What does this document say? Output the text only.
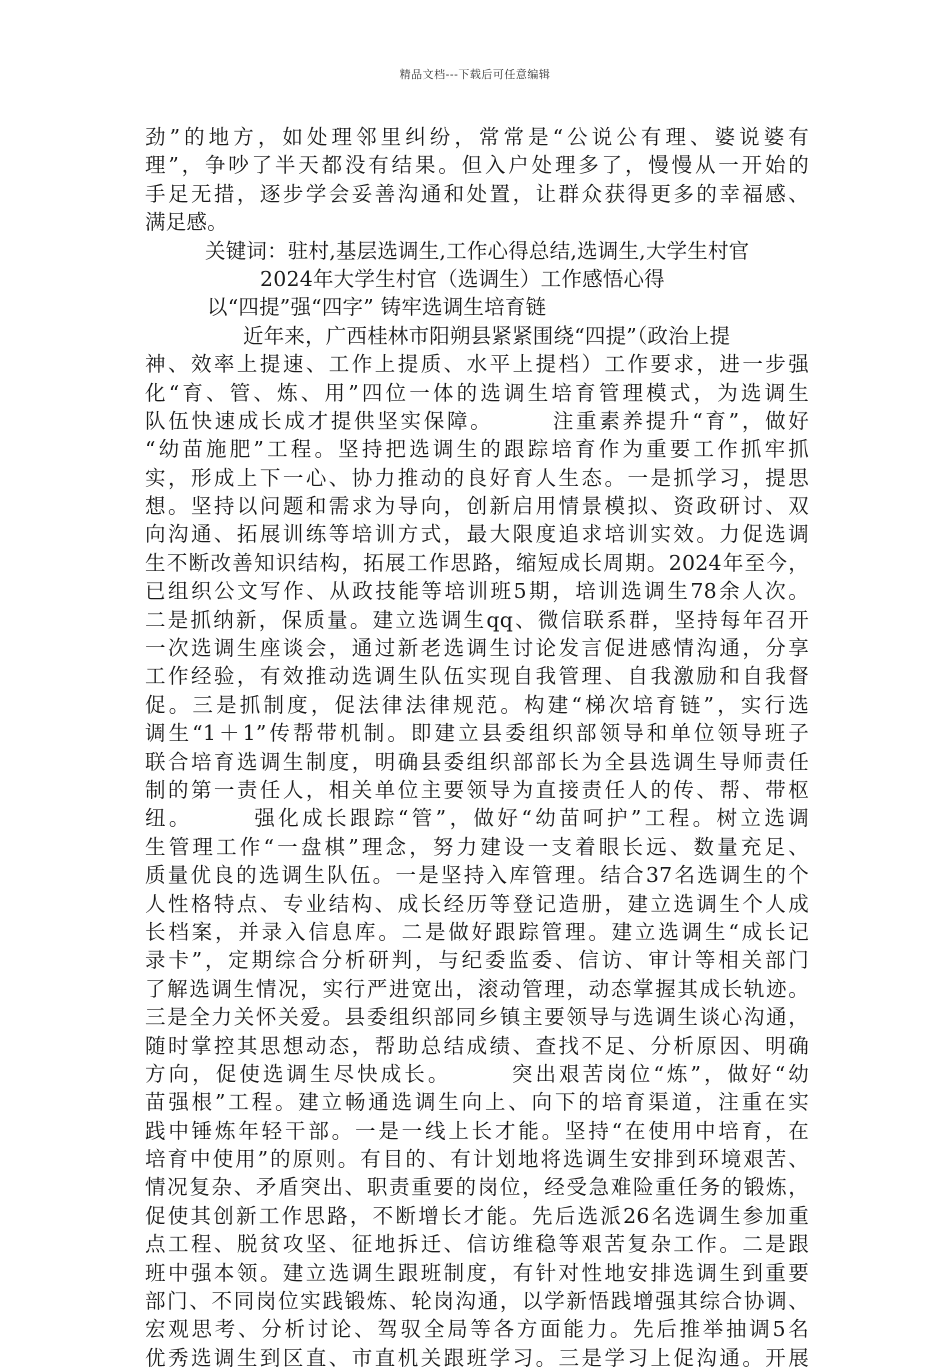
精品文档---下载后可任意编辑
劲”的地方，如处理邻里纠纷，常常是“公说公有理、婆说婆有
理”，争吵了半天都没有结果。但入户处理多了，慢慢从一开始的
手足无措，逐步学会妥善沟通和处置，让群众获得更多的幸福感、
满足感。
关键词：驻村,基层选调生,工作心得总结,选调生,大学生村官
2024年大学生村官（选调生）工作感悟心得
以“四提”强“四字” 铸牢选调生培育链
近年来，广西桂林市阳朔县紧紧围绕“四提”（政治上提
神、效率上提速、工作上提质、水平上提档）工作要求，进一步强
化“育、管、炼、用”四位一体的选调生培育管理模式，为选调生
队伍快速成长成才提供坚实保障。　　　注重素养提升“育”，做好
“幼苗施肥”工程。坚持把选调生的跟踪培育作为重要工作抓牢抓
实，形成上下一心、协力推动的良好育人生态。一是抓学习，提思
想。坚持以问题和需求为导向，创新启用情景模拟、资政研讨、双
向沟通、拓展训练等培训方式，最大限度追求培训实效。力促选调
生不断改善知识结构，拓展工作思路，缩短成长周期。2024年至今，
已组织公文写作、从政技能等培训班5期，培训选调生78余人次。
二是抓纳新，保质量。建立选调生qq、微信联系群，坚持每年召开
一次选调生座谈会，通过新老选调生讨论发言促进感情沟通，分享
工作经验，有效推动选调生队伍实现自我管理、自我激励和自我督
促。三是抓制度，促法律法律规范。构建“梯次培育链”，实行选
调生“1＋1”传帮带机制。即建立县委组织部领导和单位领导班子
联合培育选调生制度，明确县委组织部部长为全县选调生导师责任
制的第一责任人，相关单位主要领导为直接责任人的传、帮、带枢
纽。　　　强化成长跟踪“管”，做好“幼苗呵护”工程。树立选调
生管理工作“一盘棋”理念，努力建设一支着眼长远、数量充足、
质量优良的选调生队伍。一是坚持入库管理。结合37名选调生的个
人性格特点、专业结构、成长经历等登记造册，建立选调生个人成
长档案，并录入信息库。二是做好跟踪管理。建立选调生“成长记
录卡”，定期综合分析研判，与纪委监委、信访、审计等相关部门
了解选调生情况，实行严进宽出，滚动管理，动态掌握其成长轨迹。
三是全力关怀关爱。县委组织部同乡镇主要领导与选调生谈心沟通，
随时掌控其思想动态，帮助总结成绩、查找不足、分析原因、明确
方向，促使选调生尽快成长。　　　突出艰苦岗位“炼”，做好“幼
苗强根”工程。建立畅通选调生向上、向下的培育渠道，注重在实
践中锤炼年轻干部。一是一线上长才能。坚持“在使用中培育，在
培育中使用”的原则。有目的、有计划地将选调生安排到环境艰苦、
情况复杂、矛盾突出、职责重要的岗位，经受急难险重任务的锻炼，
促使其创新工作思路，不断增长才能。先后选派26名选调生参加重
点工程、脱贫攻坚、征地拆迁、信访维稳等艰苦复杂工作。二是跟
班中强本领。建立选调生跟班制度，有针对性地安排选调生到重要
部门、不同岗位实践锻炼、轮岗沟通，以学新悟践增强其综合协调、
宏观思考、分析讨论、驾驭全局等各方面能力。先后推举抽调5名
优秀选调生到区直、市直机关跟班学习。三是学习上促沟通。开展
